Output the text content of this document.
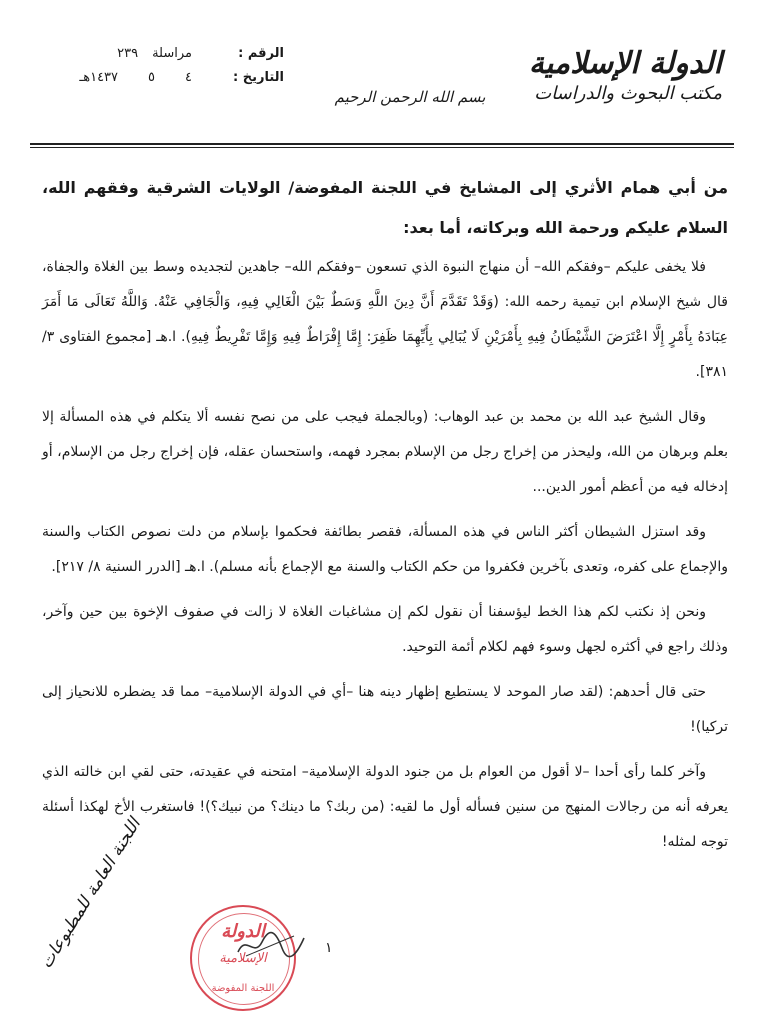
الدولة الإسلامية
مكتب البحوث والدراسات
الرقم :
مراسلة
٢٣٩
التاريخ :
٤
٥
١٤٣٧هـ
بسم الله الرحمن الرحيم

من أبي همام الأثري إلى المشايخ في اللجنة المفوضة/ الولايات الشرقية وفقهم الله، السلام عليكم ورحمة الله وبركاته، أما بعد:

فلا يخفى عليكم –وفقكم الله– أن منهاج النبوة الذي تسعون –وفقكم الله– جاهدين لتجديده وسط بين الغلاة والجفاة، قال شيخ الإسلام ابن تيمية رحمه الله: (وَقَدْ تَقَدَّمَ أَنَّ دِينَ اللَّهِ وَسَطٌ بَيْنَ الْغَالِي فِيهِ، وَالْجَافِي عَنْهُ. وَاللَّهُ تَعَالَى مَا أَمَرَ عِبَادَهُ بِأَمْرٍ إِلَّا اعْتَرَضَ الشَّيْطَانُ فِيهِ بِأَمْرَيْنِ لَا يُبَالِي بِأَيِّهِمَا ظَفِرَ: إِمَّا إِفْرَاطٌ فِيهِ وَإِمَّا تَفْرِيطٌ فِيهِ). ا.هـ [مجموع الفتاوى ٣/ ٣٨١].

وقال الشيخ عبد الله بن محمد بن عبد الوهاب: (وبالجملة فيجب على من نصح نفسه ألا يتكلم في هذه المسألة إلا بعلم وبرهان من الله، وليحذر من إخراج رجل من الإسلام بمجرد فهمه، واستحسان عقله، فإن إخراج رجل من الإسلام، أو إدخاله فيه من أعظم أمور الدين...

وقد استزل الشيطان أكثر الناس في هذه المسألة، فقصر بطائفة فحكموا بإسلام من دلت نصوص الكتاب والسنة والإجماع على كفره، وتعدى بآخرين فكفروا من حكم الكتاب والسنة مع الإجماع بأنه مسلم). ا.هـ [الدرر السنية ٨/ ٢١٧].

ونحن إذ نكتب لكم هذا الخط ليؤسفنا أن نقول لكم إن مشاغبات الغلاة لا زالت في صفوف الإخوة بين حين وآخر، وذلك راجع في أكثره لجهل وسوء فهم لكلام أئمة التوحيد.

حتى قال أحدهم: (لقد صار الموحد لا يستطيع إظهار دينه هنا –أي في الدولة الإسلامية– مما قد يضطره للانحياز إلى تركيا)!

وآخر كلما رأى أحدا –لا أقول من العوام بل من جنود الدولة الإسلامية– امتحنه في عقيدته، حتى لقي ابن خالته الذي يعرفه أنه من رجالات المنهج من سنين فسأله أول ما لقيه: (من ربك؟ ما دينك؟ من نبيك؟)! فاستغرب الأخ لهكذا أسئلة توجه لمثله!

١
اللجنة العامة للمطبوعات	الدولة
الإسلامية
اللجنة المفوضة
